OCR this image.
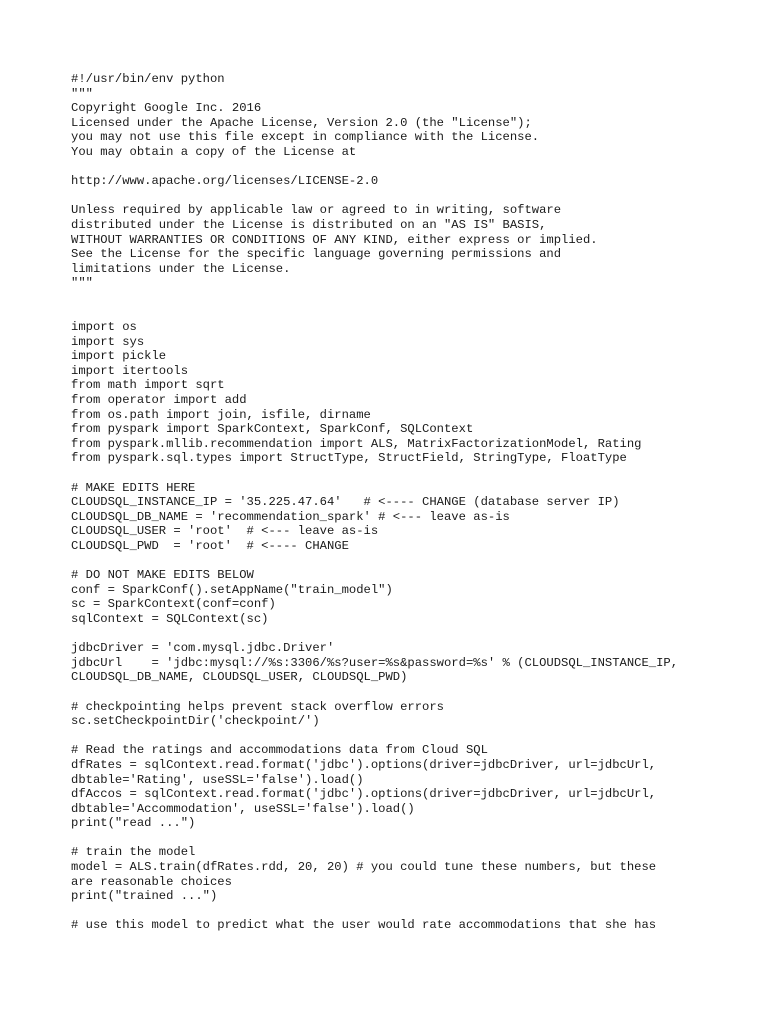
#!/usr/bin/env python
"""
Copyright Google Inc. 2016
Licensed under the Apache License, Version 2.0 (the "License");
you may not use this file except in compliance with the License.
You may obtain a copy of the License at
http://www.apache.org/licenses/LICENSE-2.0
Unless required by applicable law or agreed to in writing, software
distributed under the License is distributed on an "AS IS" BASIS,
WITHOUT WARRANTIES OR CONDITIONS OF ANY KIND, either express or implied.
See the License for the specific language governing permissions and
limitations under the License.
"""
import os
import sys
import pickle
import itertools
from math import sqrt
from operator import add
from os.path import join, isfile, dirname
from pyspark import SparkContext, SparkConf, SQLContext
from pyspark.mllib.recommendation import ALS, MatrixFactorizationModel, Rating
from pyspark.sql.types import StructType, StructField, StringType, FloatType
# MAKE EDITS HERE
CLOUDSQL_INSTANCE_IP = '35.225.47.64'   # <---- CHANGE (database server IP)
CLOUDSQL_DB_NAME = 'recommendation_spark' # <--- leave as-is
CLOUDSQL_USER = 'root'  # <--- leave as-is
CLOUDSQL_PWD  = 'root'  # <---- CHANGE
# DO NOT MAKE EDITS BELOW
conf = SparkConf().setAppName("train_model")
sc = SparkContext(conf=conf)
sqlContext = SQLContext(sc)
jdbcDriver = 'com.mysql.jdbc.Driver'
jdbcUrl    = 'jdbc:mysql://%s:3306/%s?user=%s&password=%s' % (CLOUDSQL_INSTANCE_IP,
CLOUDSQL_DB_NAME, CLOUDSQL_USER, CLOUDSQL_PWD)
# checkpointing helps prevent stack overflow errors
sc.setCheckpointDir('checkpoint/')
# Read the ratings and accommodations data from Cloud SQL
dfRates = sqlContext.read.format('jdbc').options(driver=jdbcDriver, url=jdbcUrl,
dbtable='Rating', useSSL='false').load()
dfAccos = sqlContext.read.format('jdbc').options(driver=jdbcDriver, url=jdbcUrl,
dbtable='Accommodation', useSSL='false').load()
print("read ...")
# train the model
model = ALS.train(dfRates.rdd, 20, 20) # you could tune these numbers, but these
are reasonable choices
print("trained ...")
# use this model to predict what the user would rate accommodations that she has
